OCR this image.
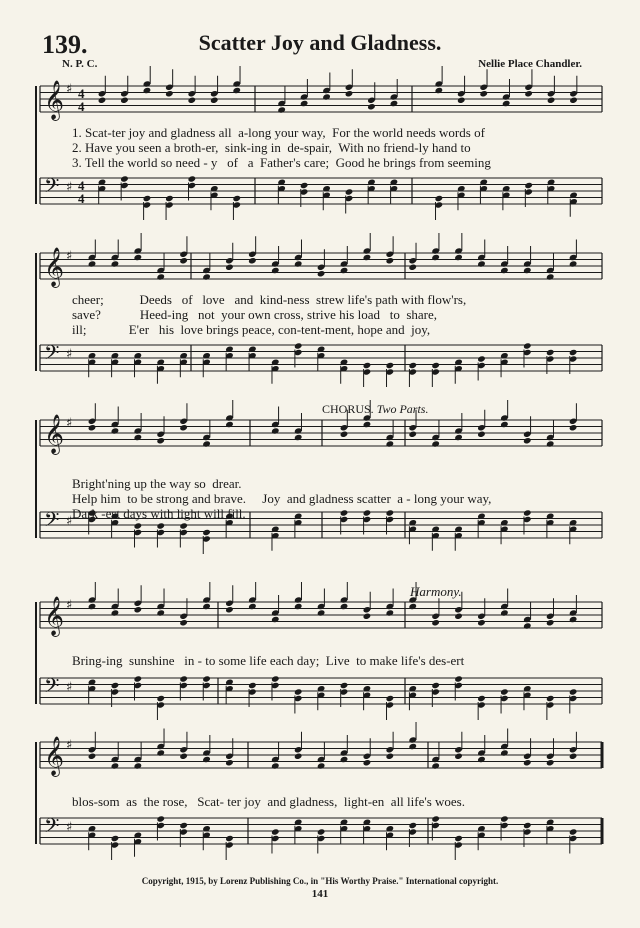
𝄞 ♯ 4
4
𝄢 ♯ 4
4
𝄞 ♯
𝄢 ♯
𝄞 ♯
𝄢 ♯
𝄞 ♯
𝄢 ♯
𝄞 ♯
𝄢 ♯
139.	Scatter Joy and Gladness.
N. P. C.	Nellie Place Chandler.
CHORUS. Two Parts.
Harmony.
1. Scat-ter joy and gladness all  a-long your way,  For the world needs words of
2. Have you seen a broth-er,  sink-ing in  de-spair,  With no friend-ly hand to
3. Tell the world so need - y   of   a  Father's care;  Good he brings from seeming
cheer;           Deeds   of   love   and  kind-ness  strew life's path with flow'rs,
save?            Heed-ing   not  your own cross, strive his load   to  share,
ill;             E'er   his  love brings peace, con-tent-ment, hope and  joy,
Bright'ning up the way so  drear.
Help him  to be strong and brave.     Joy  and gladness scatter  a - long your way,
Dark -est days with light will fill.
Bring-ing  sunshine   in - to some life each day;  Live  to make life's des-ert
blos-som  as  the rose,   Scat- ter joy  and gladness,  light-en  all life's woes.
Copyright, 1915, by Lorenz Publishing Co., in "His Worthy Praise." International copyright.
141
